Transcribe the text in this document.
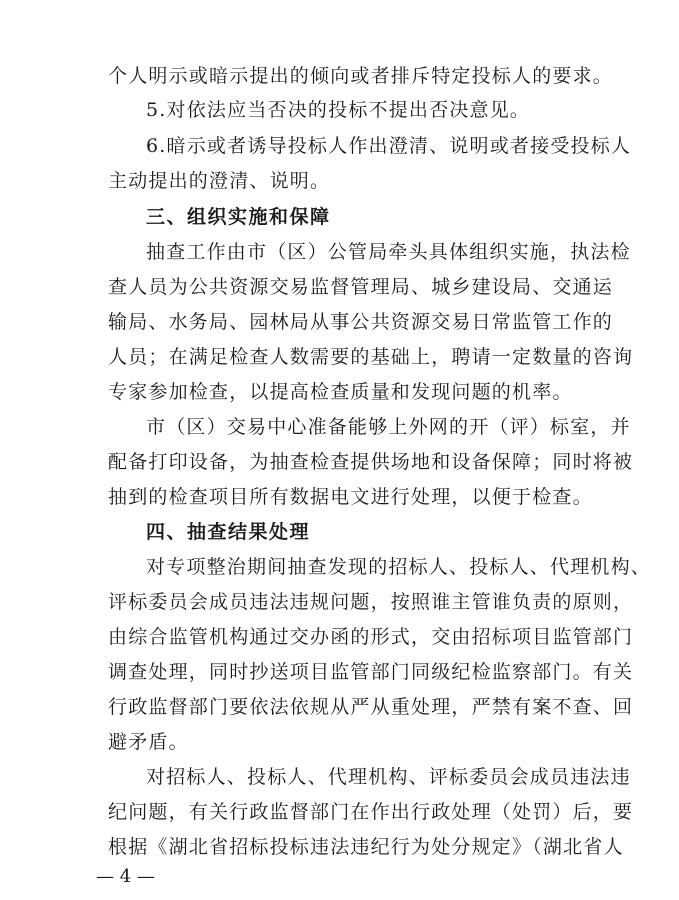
个人明示或暗示提出的倾向或者排斥特定投标人的要求。
5.对依法应当否决的投标不提出否决意见。
6.暗示或者诱导投标人作出澄清、说明或者接受投标人
主动提出的澄清、说明。
三、组织实施和保障
抽查工作由市（区）公管局牵头具体组织实施，执法检
查人员为公共资源交易监督管理局、城乡建设局、交通运
输局、水务局、园林局从事公共资源交易日常监管工作的
人员；在满足检查人数需要的基础上，聘请一定数量的咨询
专家参加检查，以提高检查质量和发现问题的机率。
市（区）交易中心准备能够上外网的开（评）标室，并
配备打印设备，为抽查检查提供场地和设备保障；同时将被
抽到的检查项目所有数据电文进行处理，以便于检查。
四、抽查结果处理
对专项整治期间抽查发现的招标人、投标人、代理机构、
评标委员会成员违法违规问题，按照谁主管谁负责的原则，
由综合监管机构通过交办函的形式，交由招标项目监管部门
调查处理，同时抄送项目监管部门同级纪检监察部门。有关
行政监督部门要依法依规从严从重处理，严禁有案不查、回
避矛盾。
对招标人、投标人、代理机构、评标委员会成员违法违
纪问题，有关行政监督部门在作出行政处理（处罚）后，要
根据《湖北省招标投标违法违纪行为处分规定》（湖北省人
— 4 —
